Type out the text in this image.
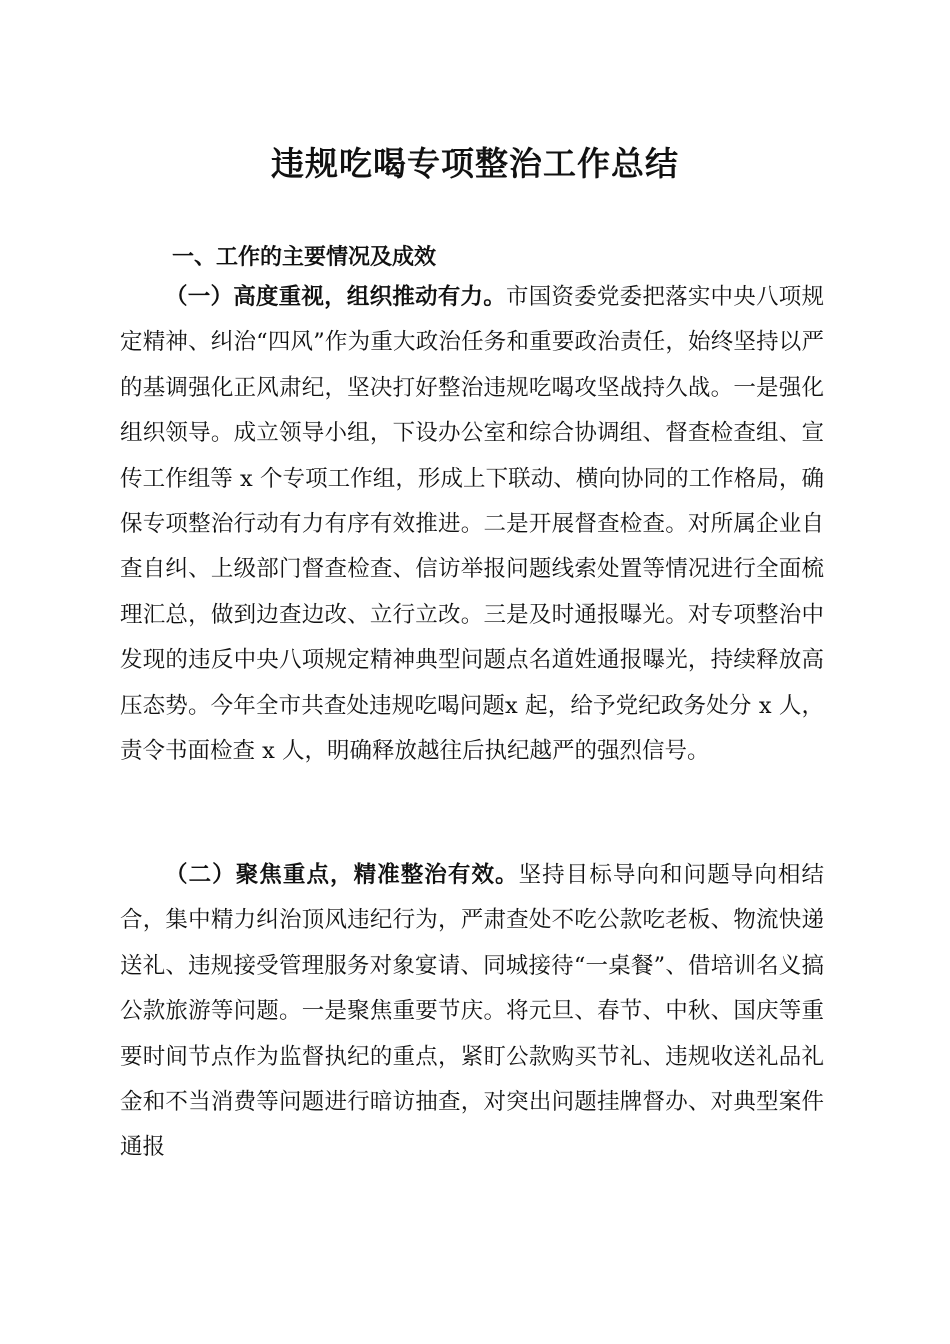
违规吃喝专项整治工作总结
一、工作的主要情况及成效

（一）高度重视，组织推动有力。市国资委党委把落实中央八项规定精神、纠治“四风”作为重大政治任务和重要政治责任，始终坚持以严的基调强化正风肃纪，坚决打好整治违规吃喝攻坚战持久战。一是强化组织领导。成立领导小组，下设办公室和综合协调组、督查检查组、宣传工作组等 x 个专项工作组，形成上下联动、横向协同的工作格局，确保专项整治行动有力有序有效推进。二是开展督查检查。对所属企业自查自纠、上级部门督查检查、信访举报问题线索处置等情况进行全面梳理汇总，做到边查边改、立行立改。三是及时通报曝光。对专项整治中发现的违反中央八项规定精神典型问题点名道姓通报曝光，持续释放高压态势。今年全市共查处违规吃喝问题x 起，给予党纪政务处分 x 人，责令书面检查 x 人，明确释放越往后执纪越严的强烈信号。

（二）聚焦重点，精准整治有效。坚持目标导向和问题导向相结合，集中精力纠治顶风违纪行为，严肃查处不吃公款吃老板、物流快递送礼、违规接受管理服务对象宴请、同城接待“一桌餐”、借培训名义搞公款旅游等问题。一是聚焦重要节庆。将元旦、春节、中秋、国庆等重要时间节点作为监督执纪的重点，紧盯公款购买节礼、违规收送礼品礼金和不当消费等问题进行暗访抽查，对突出问题挂牌督办、对典型案件通报
